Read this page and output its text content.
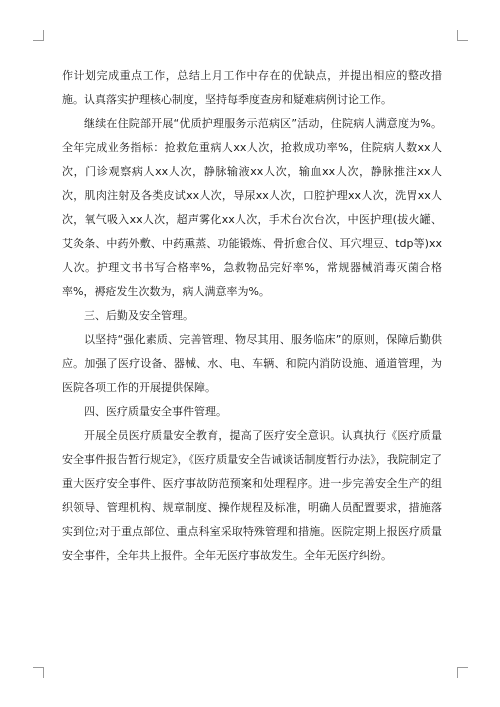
作计划完成重点工作，总结上月工作中存在的优缺点，并提出相应的整改措施。认真落实护理核心制度，坚持每季度查房和疑难病例讨论工作。

继续在住院部开展“优质护理服务示范病区”活动，住院病人满意度为%。全年完成业务指标：抢救危重病人xx人次，抢救成功率%，住院病人数xx人次，门诊观察病人xx人次，静脉输液xx人次，输血xx人次，静脉推注xx人次，肌肉注射及各类皮试xx人次，导尿xx人次，口腔护理xx人次，洗胃xx人次，氧气吸入xx人次，超声雾化xx人次，手术台次台次，中医护理(拔火罐、艾灸条、中药外敷、中药熏蒸、功能锻炼、骨折愈合仪、耳穴埋豆、tdp等)xx人次。护理文书书写合格率%，急救物品完好率%，常规器械消毒灭菌合格率%，褥疮发生次数为，病人满意率为%。

三、后勤及安全管理。

以坚持“强化素质、完善管理、物尽其用、服务临床”的原则，保障后勤供应。加强了医疗设备、器械、水、电、车辆、和院内消防设施、通道管理，为医院各项工作的开展提供保障。

四、医疗质量安全事件管理。

开展全员医疗质量安全教育，提高了医疗安全意识。认真执行《医疗质量安全事件报告暂行规定》，《医疗质量安全告诫谈话制度暂行办法》，我院制定了重大医疗安全事件、医疗事故防范预案和处理程序。进一步完善安全生产的组织领导、管理机构、规章制度、操作规程及标准，明确人员配置要求，措施落实到位;对于重点部位、重点科室采取特殊管理和措施。医院定期上报医疗质量安全事件，全年共上报件。全年无医疗事故发生。全年无医疗纠纷。
